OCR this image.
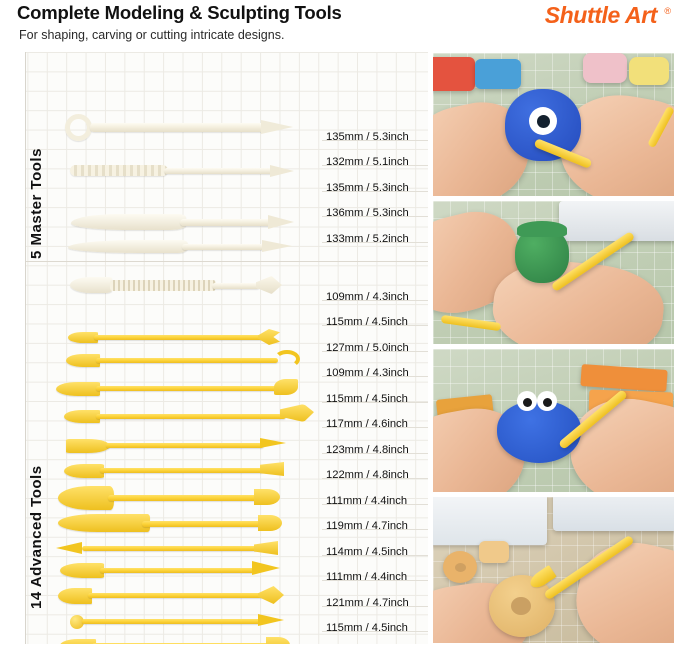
Complete Modeling & Sculpting Tools
For shaping, carving or cutting intricate designs.
Shuttle Art ®
5 Master Tools
14 Advanced Tools
135mm / 5.3inch
132mm / 5.1inch
135mm / 5.3inch
136mm / 5.3inch
133mm / 5.2inch
109mm / 4.3inch
115mm / 4.5inch
127mm / 5.0inch
109mm / 4.3inch
115mm / 4.5inch
117mm / 4.6inch
123mm / 4.8inch
122mm / 4.8inch
111mm / 4.4inch
119mm / 4.7inch
114mm / 4.5inch
111mm / 4.4inch
121mm / 4.7inch
115mm / 4.5inch
